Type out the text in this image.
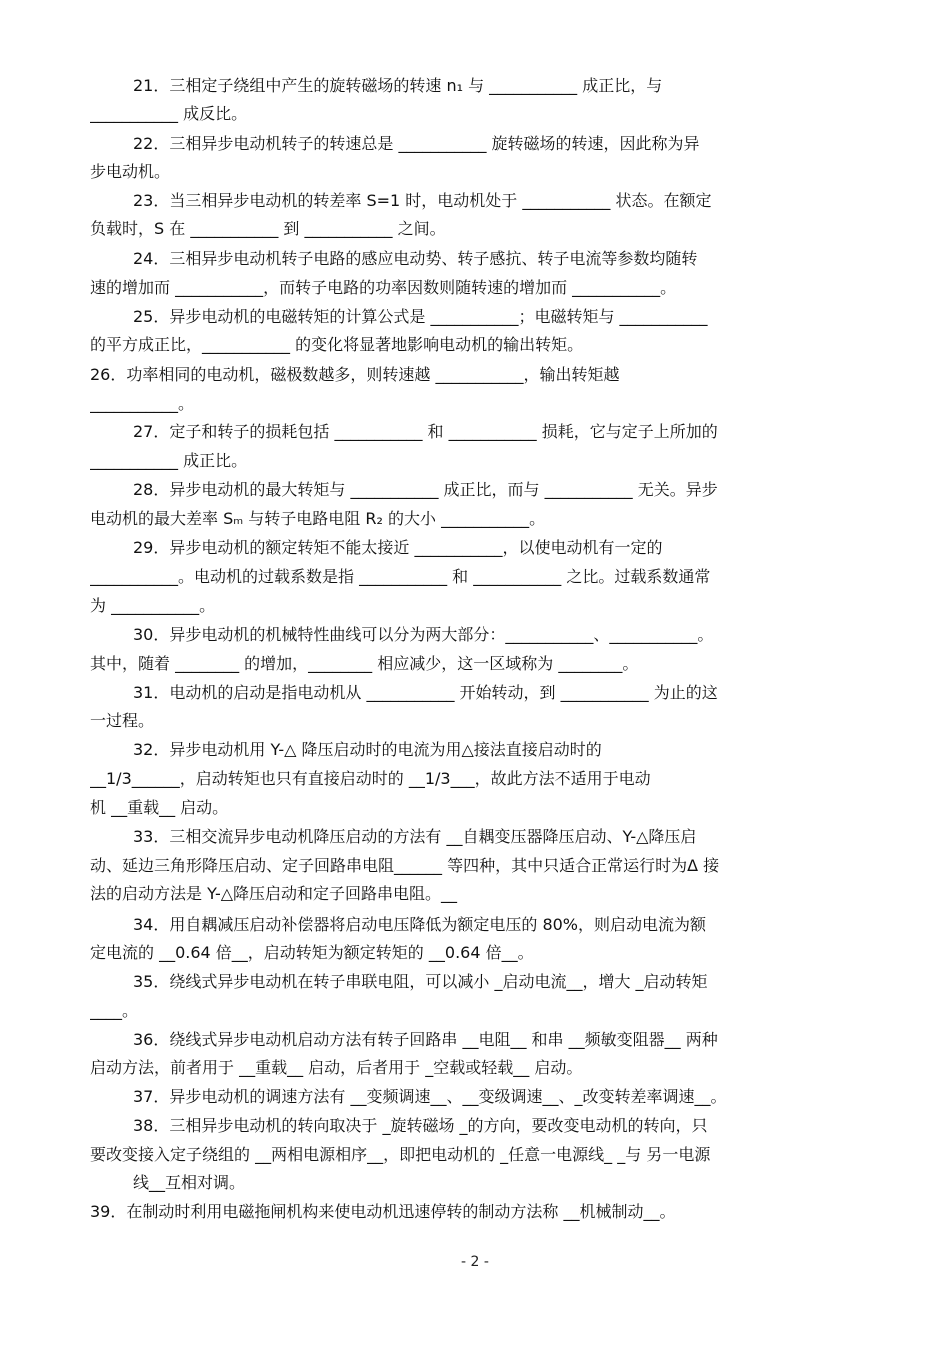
21．三相定子绕组中产生的旋转磁场的转速 n₁ 与 ___________ 成正比，与
___________ 成反比。
22．三相异步电动机转子的转速总是 ___________ 旋转磁场的转速，因此称为异
步电动机。
23．当三相异步电动机的转差率 S=1 时，电动机处于 ___________ 状态。在额定
负载时，S 在 ___________ 到 ___________ 之间。
24．三相异步电动机转子电路的感应电动势、转子感抗、转子电流等参数均随转
速的增加而 ___________，而转子电路的功率因数则随转速的增加而 ___________。
25．异步电动机的电磁转矩的计算公式是 ___________；电磁转矩与 ___________
的平方成正比，___________ 的变化将显著地影响电动机的输出转矩。
26．功率相同的电动机，磁极数越多，则转速越 ___________，输出转矩越
___________。
27．定子和转子的损耗包括 ___________ 和 ___________ 损耗，它与定子上所加的
___________ 成正比。
28．异步电动机的最大转矩与 ___________ 成正比，而与 ___________ 无关。异步
电动机的最大差率 Sₘ 与转子电路电阻 R₂ 的大小 ___________。
29．异步电动机的额定转矩不能太接近 ___________，以使电动机有一定的
___________。电动机的过载系数是指 ___________ 和 ___________ 之比。过载系数通常
为 ___________。
30．异步电动机的机械特性曲线可以分为两大部分：___________、___________。
其中，随着 ________ 的增加，________ 相应减少，这一区域称为 ________。
31．电动机的启动是指电动机从 ___________ 开始转动，到 ___________ 为止的这
一过程。
32．异步电动机用 Y-△ 降压启动时的电流为用△接法直接启动时的
__1/3______，启动转矩也只有直接启动时的 __1/3___，故此方法不适用于电动
机 __重载__ 启动。
33．三相交流异步电动机降压启动的方法有 __自耦变压器降压启动、Y-△降压启
动、延边三角形降压启动、定子回路串电阻______ 等四种，其中只适合正常运行时为Δ 接
法的启动方法是 Y-△降压启动和定子回路串电阻。__
34．用自耦减压启动补偿器将启动电压降低为额定电压的 80%，则启动电流为额
定电流的 __0.64 倍__，启动转矩为额定转矩的 __0.64 倍__。
35．绕线式异步电动机在转子串联电阻，可以减小 _启动电流__，增大 _启动转矩
____。
36．绕线式异步电动机启动方法有转子回路串 __电阻__ 和串 __频敏变阻器__ 两种
启动方法，前者用于 __重载__ 启动，后者用于 _空载或轻载__ 启动。
37．异步电动机的调速方法有 __变频调速__、__变级调速__、_改变转差率调速__。
38．三相异步电动机的转向取决于 _旋转磁场 _的方向，要改变电动机的转向，只
要改变接入定子绕组的 __两相电源相序__，即把电动机的 _任意一电源线_ _与 另一电源
线__互相对调。
39．在制动时利用电磁拖闸机构来使电动机迅速停转的制动方法称 __机械制动__。
- 2 -
